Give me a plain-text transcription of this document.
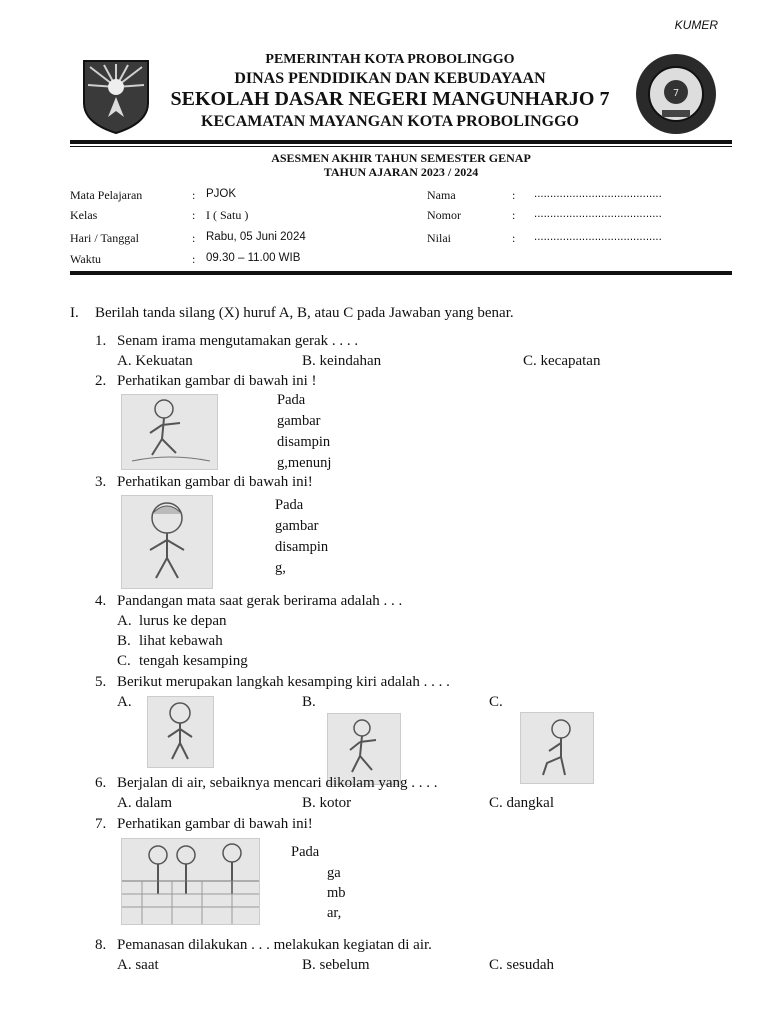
KUMER
7
PEMERINTAH KOTA PROBOLINGGO
DINAS PENDIDIKAN DAN KEBUDAYAAN
SEKOLAH DASAR NEGERI MANGUNHARJO 7
KECAMATAN MAYANGAN KOTA PROBOLINGGO
ASESMEN AKHIR TAHUN SEMESTER GENAP
TAHUN AJARAN 2023 / 2024
Mata Pelajaran	: PJOK
Kelas	: I ( Satu )
Hari / Tanggal	: Rabu, 05 Juni 2024
Waktu	: 09.30 – 11.00 WIB
Nama	: ........................................
Nomor	: ........................................
Nilai	: ........................................
I. Berilah tanda silang (X) huruf A, B, atau C pada Jawaban yang benar.
1. Senam irama mengutamakan gerak . . . .
A. Kekuatan	B. keindahan	C. kecapatan
2. Perhatikan gambar di bawah ini !
Pada
gambar
disampin
g,menunj
3. Perhatikan gambar di bawah ini!
Pada
gambar
disampin
g,
4. Pandangan mata saat gerak berirama adalah . . .
A. lurus ke depan
B. lihat kebawah
C. tengah kesamping
5. Berikut merupakan langkah kesamping kiri adalah . . . .
A.	B.	C.
6. Berjalan di air, sebaiknya mencari dikolam yang . . . .
A. dalam	B. kotor	C. dangkal
7. Perhatikan gambar di bawah ini!
Pada
ga
mb
ar,
8. Pemanasan dilakukan . . . melakukan kegiatan di air.
A. saat	B. sebelum	C. sesudah
